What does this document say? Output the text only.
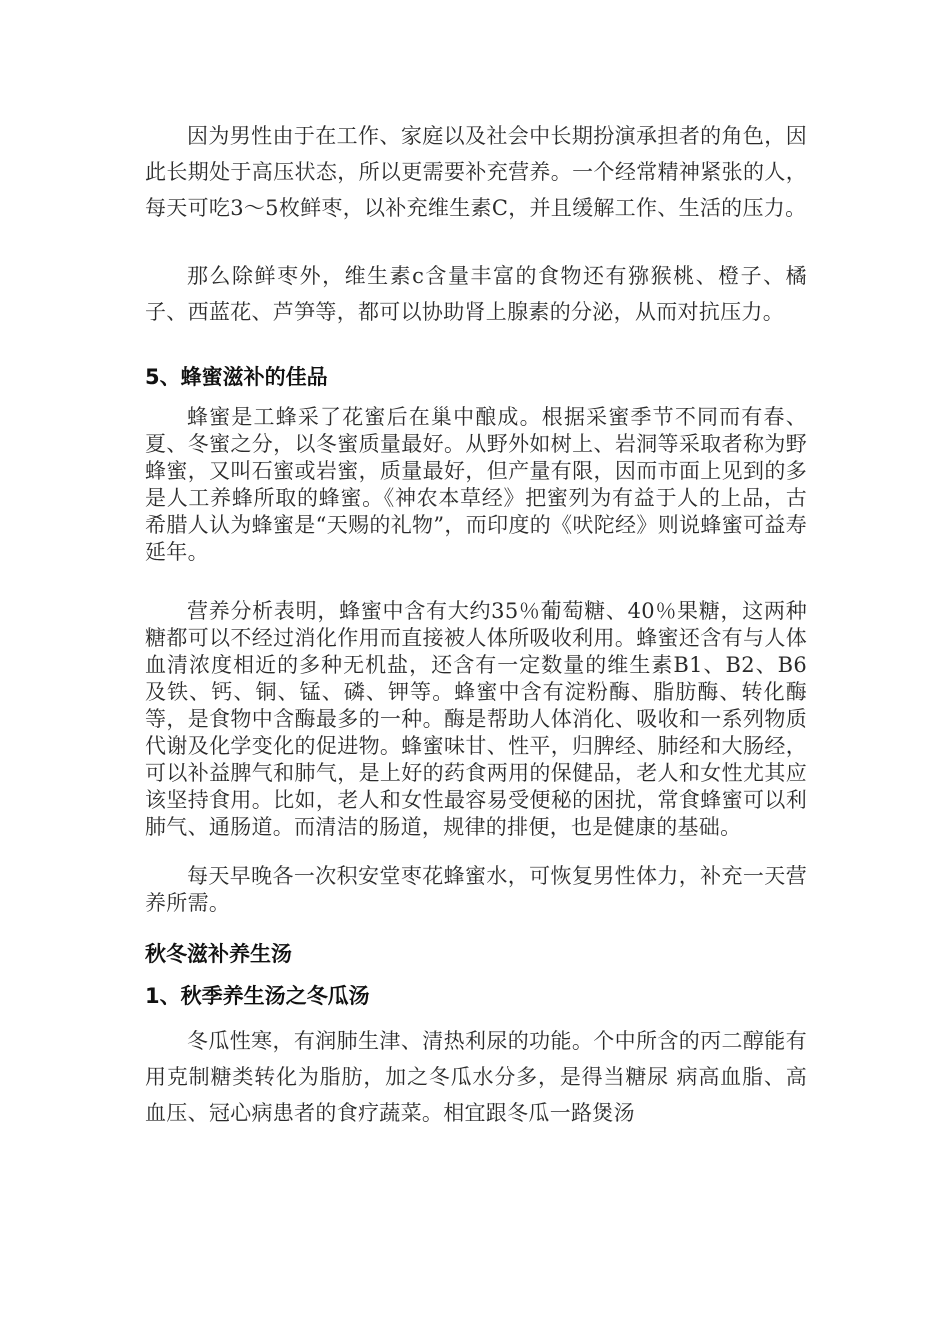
因为男性由于在工作、家庭以及社会中长期扮演承担者的角色，因此长期处于高压状态，所以更需要补充营养。一个经常精神紧张的人，每天可吃3～5枚鲜枣，以补充维生素C，并且缓解工作、生活的压力。

那么除鲜枣外，维生素c含量丰富的食物还有猕猴桃、橙子、橘子、西蓝花、芦笋等，都可以协助肾上腺素的分泌，从而对抗压力。

5、蜂蜜滋补的佳品

蜂蜜是工蜂采了花蜜后在巢中酿成。根据采蜜季节不同而有春、夏、冬蜜之分，以冬蜜质量最好。从野外如树上、岩洞等采取者称为野蜂蜜，又叫石蜜或岩蜜，质量最好，但产量有限，因而市面上见到的多是人工养蜂所取的蜂蜜。《神农本草经》把蜜列为有益于人的上品，古希腊人认为蜂蜜是“天赐的礼物”，而印度的《吠陀经》则说蜂蜜可益寿延年。

营养分析表明，蜂蜜中含有大约35％葡萄糖、40％果糖，这两种糖都可以不经过消化作用而直接被人体所吸收利用。蜂蜜还含有与人体血清浓度相近的多种无机盐，还含有一定数量的维生素B1、B2、B6及铁、钙、铜、锰、磷、钾等。蜂蜜中含有淀粉酶、脂肪酶、转化酶等，是食物中含酶最多的一种。酶是帮助人体消化、吸收和一系列物质代谢及化学变化的促进物。蜂蜜味甘、性平，归脾经、肺经和大肠经，可以补益脾气和肺气，是上好的药食两用的保健品，老人和女性尤其应该坚持食用。比如，老人和女性最容易受便秘的困扰，常食蜂蜜可以利肺气、通肠道。而清洁的肠道，规律的排便，也是健康的基础。

每天早晚各一次积安堂枣花蜂蜜水，可恢复男性体力，补充一天营养所需。

秋冬滋补养生汤
1、秋季养生汤之冬瓜汤

冬瓜性寒，有润肺生津、清热利尿的功能。个中所含的丙二醇能有用克制糖类转化为脂肪，加之冬瓜水分多，是得当糖尿 病高血脂、高血压、冠心病患者的食疗蔬菜。相宜跟冬瓜一路煲汤
